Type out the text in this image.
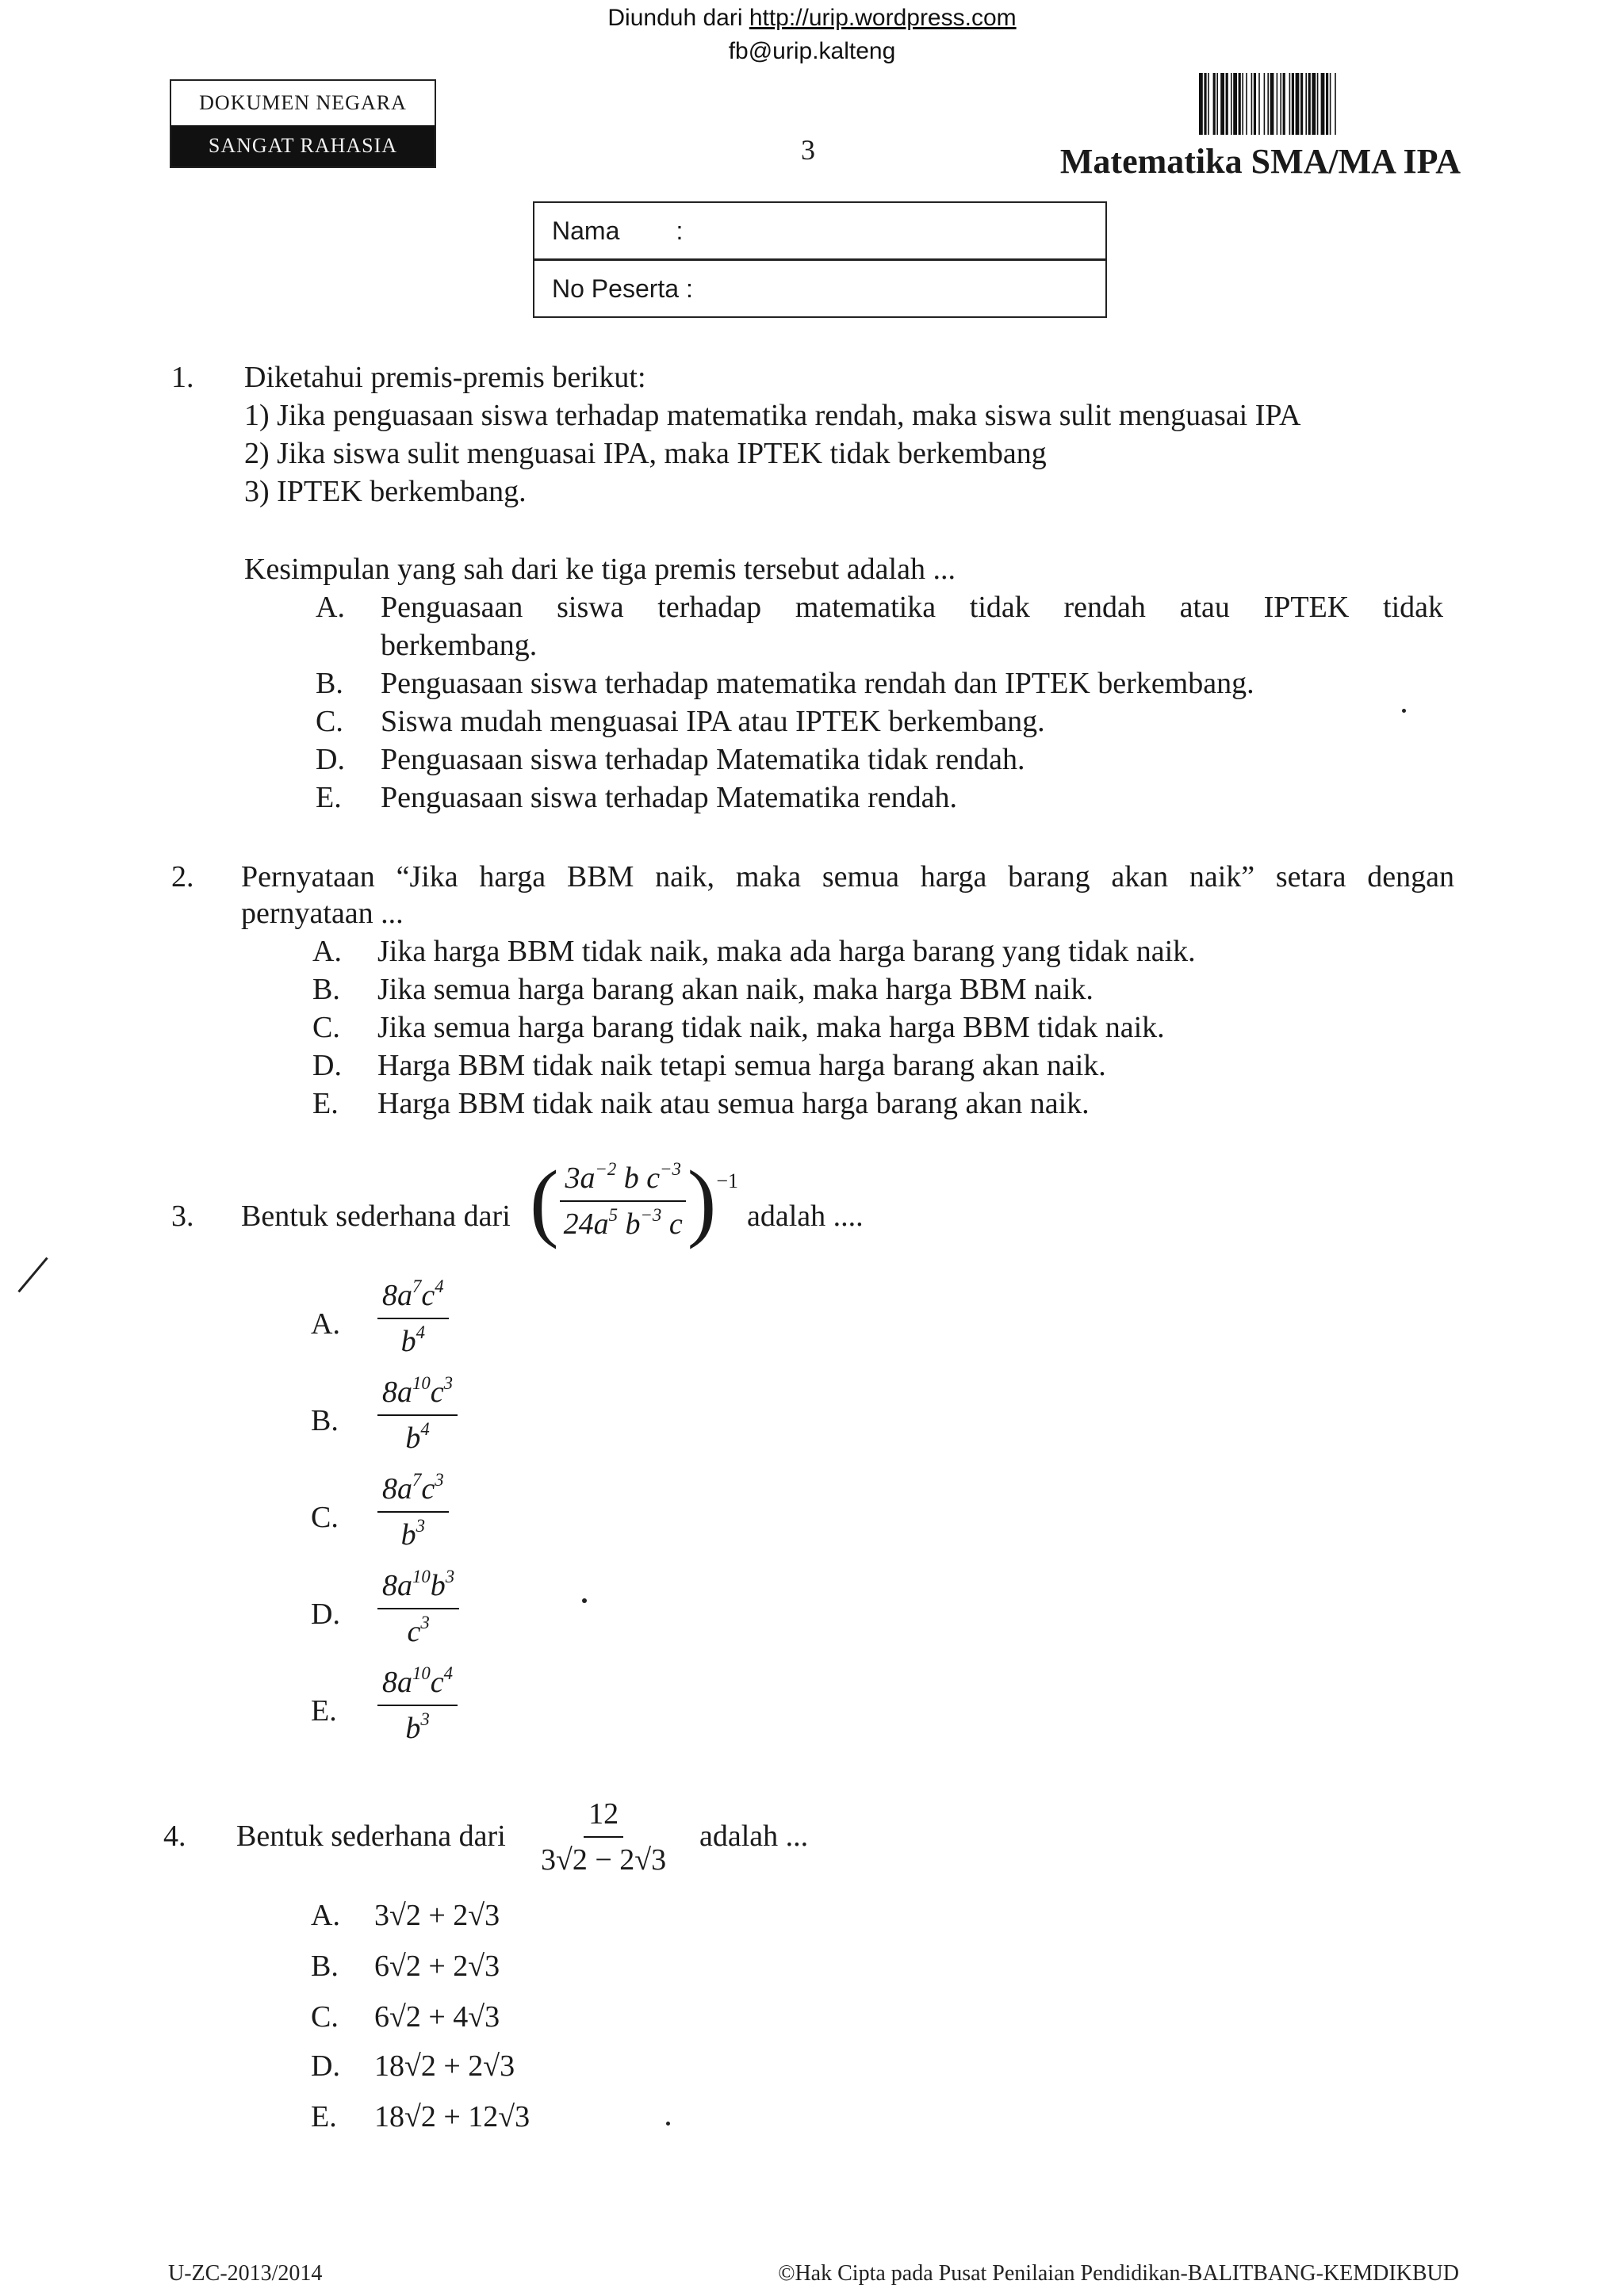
Diunduh dari http://urip.wordpress.com
fb@urip.kalteng
DOKUMEN NEGARA
SANGAT RAHASIA	3	Matematika SMA/MA IPA
Nama        :
No Peserta :
1.	Diketahui premis-premis berikut:
1) Jika penguasaan siswa terhadap matematika rendah, maka siswa sulit menguasai IPA
2) Jika siswa sulit menguasai IPA, maka IPTEK tidak berkembang
3) IPTEK berkembang.
Kesimpulan yang sah dari ke tiga premis tersebut adalah ...
A.	Penguasaan siswa terhadap matematika tidak rendah atau IPTEK tidak
berkembang.
B.	Penguasaan siswa terhadap matematika rendah dan IPTEK berkembang.
C.	Siswa mudah menguasai IPA atau IPTEK berkembang.
D.	Penguasaan siswa terhadap Matematika tidak rendah.
E.	Penguasaan siswa terhadap Matematika rendah.
2.	Pernyataan “Jika harga BBM naik, maka semua harga barang akan naik” setara dengan
pernyataan ...
A.	Jika harga BBM tidak naik, maka ada harga barang yang tidak naik.
B.	Jika semua harga barang akan naik, maka harga BBM naik.
C.	Jika semua harga barang tidak naik, maka harga BBM tidak naik.
D.	Harga BBM tidak naik tetapi semua harga barang akan naik.
E.	Harga BBM tidak naik atau semua harga barang akan naik.
3.	Bentuk sederhana dari ( $\frac{3a^{-2} b c^{-3}}{24a^5 b^{-3} c}$ ) −1
adalah ....
A.	$\frac{8a^7c^4}{b^4}$
B.	$\frac{8a^{10}c^3}{b^4}$
C.	$\frac{8a^7c^3}{b^3}$
D.	$\frac{8a^{10}b^3}{c^3}$
E.	$\frac{8a^{10}c^4}{b^3}$
4.	Bentuk sederhana dari $\frac{12}{3√2 - 2√3}$ adalah ...
A.	3√2 + 2√3
B.	6√2 + 2√3
C.	6√2 + 4√3
D.	18√2 + 2√3
E.	18√2 + 12√3
U-ZC-2013/2014	©Hak Cipta pada Pusat Penilaian Pendidikan-BALITBANG-KEMDIKBUD
